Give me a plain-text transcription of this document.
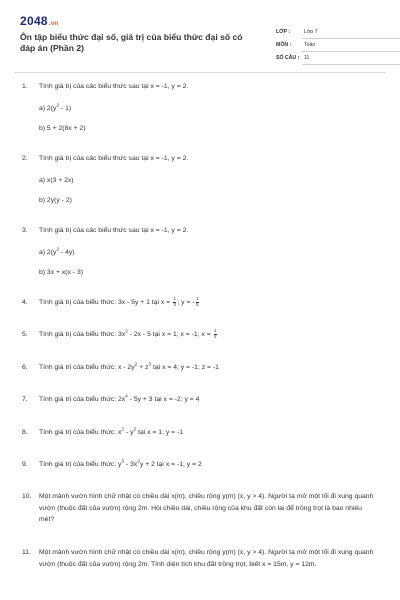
2048.vn
Ôn tập biểu thức đại số, giá trị của biểu thức đại số có đáp án (Phần 2)
LỚP :	Lớp 7
MÔN : Toán
SỐ CÂU : 11
1. Tính giá trị của các biểu thức sau tại x = -1, y = 2.
a) $2(y^2 - 1)$
b) 5 + 2(8x + 2)
2. Tính giá trị của các biểu thức sau tại x = -1, y = 2.
a) x(3 + 2x)
b) 2y(y - 2)
3. Tính giá trị của các biểu thức sau tại x = -1, y = 2.
a) $2(y^2 - 4y)$
b) 3x + x(x - 3)
4. Tính giá trị của biểu thức: 3x - 5y + 1 tại $x = \frac{1}{3}$ ; y = - $\frac{1}{5}$
5. Tính giá trị của biểu thức: $3x^2 - 2x - 5$ tại x = 1; x = -1; $x = \frac{1}{2}$
6. Tính giá trị của biểu thức: $x - 2y^2 + z^3$ tại x = 4; y = -1; z = -1
7. Tính giá trị của biểu thức: $2x^4 - 5y + 3$ tại x = -2; y = 4
8. Tính giá trị của biểu thức: $x^2 - y^2$ tại x = 1; y = -1
9. Tính giá trị của biểu thức: $y^3 - 3x^2y + 2$ tại x = -1; y = 2
10. Một mảnh vườn hình chữ nhật có chiều dài x(m), chiều rộng y(m) (x, y > 4). Người ta mở một lối đi xung quanh vườn (thuộc đất của vườn) rộng 2m. Hỏi chiều dài, chiều rộng của khu đất còn lại để trồng trọt là bao nhiêu mét?
11. Một mảnh vườn hình chữ nhật có chiều dài x(m), chiều rộng y(m) (x, y > 4). Người ta mở một lối đi xung quanh vườn (thuộc đất của vườn) rộng 2m. Tính diện tích khu đất trồng trọt, biết x = 15m, y = 12m.
